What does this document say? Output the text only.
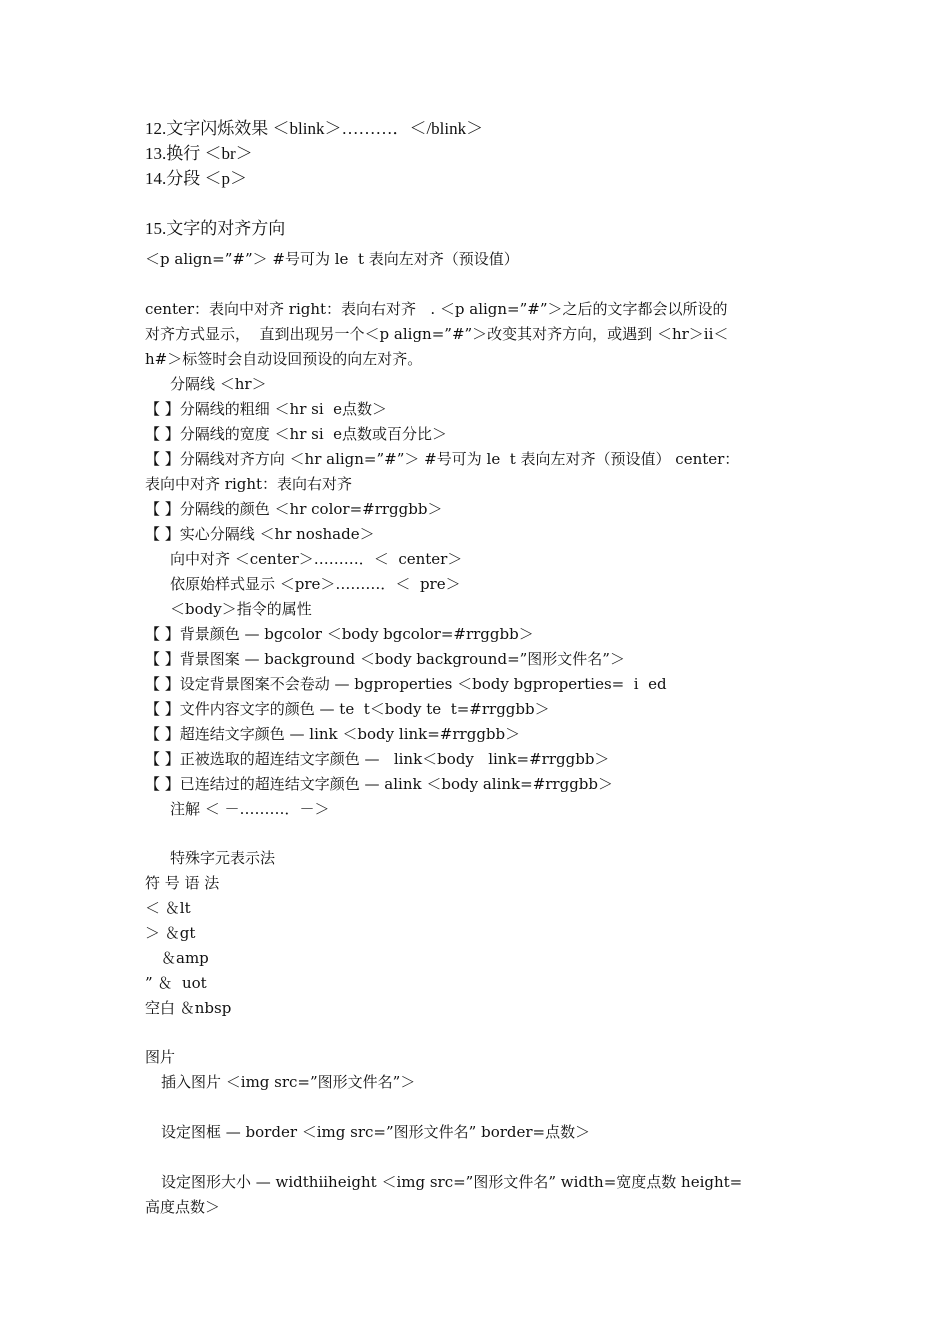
12.文字闪烁效果 ＜blink＞………．＜/blink＞
13.换行 ＜br＞
14.分段 ＜p＞
15.文字的对齐方向
＜p align=”#”＞ #号可为 le  t 表向左对齐（预设值）
center：表向中对齐 right：表向右对齐   . ＜p align=”#”＞之后的文字都会以所设的
对齐方式显示，  直到出现另一个＜p align=”#”＞改变其对齐方向，或遇到 ＜hr＞ii＜
h#＞标签时会自动设回预设的向左对齐。
分隔线 ＜hr＞
【 】分隔线的粗细 ＜hr si  e点数＞
【 】分隔线的宽度 ＜hr si  e点数或百分比＞
【 】分隔线对齐方向 ＜hr align=”#”＞ #号可为 le  t 表向左对齐（预设值） center：
表向中对齐 right：表向右对齐
【 】分隔线的颜色 ＜hr color=#rrggbb＞
【 】实心分隔线 ＜hr noshade＞
向中对齐 ＜center＞………．＜  center＞
依原始样式显示 ＜pre＞………．＜  pre＞
＜body＞指令的属性
【 】背景颜色 — bgcolor ＜body bgcolor=#rrggbb＞
【 】背景图案 — background ＜body background=”图形文件名”＞
【 】设定背景图案不会卷动 — bgproperties ＜body bgproperties=  i  ed
【 】文件内容文字的颜色 — te  t＜body te  t=#rrggbb＞
【 】超连结文字颜色 — link ＜body link=#rrggbb＞
【 】正被选取的超连结文字颜色 —   link＜body   link=#rrggbb＞
【 】已连结过的超连结文字颜色 — alink ＜body alink=#rrggbb＞
注解 ＜ －………．－＞
特殊字元表示法
符 号 语 法
＜ ＆lt
＞ ＆gt
＆amp
” ＆  uot
空白 ＆nbsp
图片
插入图片 ＜img src=”图形文件名”＞
设定图框 — border ＜img src=”图形文件名” border=点数＞
设定图形大小 — widthiiheight ＜img src=”图形文件名” width=宽度点数 height=
高度点数＞
